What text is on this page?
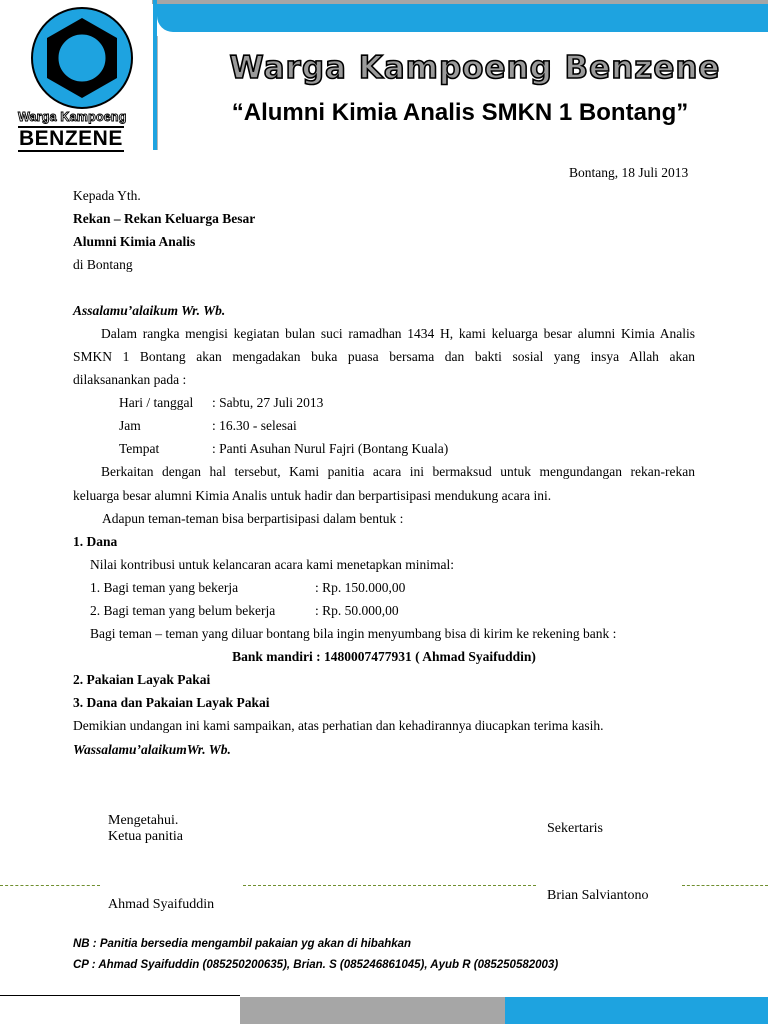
Warga Kampoeng
BENZENE
Warga Kampoeng Benzene
“Alumni Kimia Analis SMKN 1 Bontang”
Bontang, 18 Juli 2013
Kepada Yth.
Rekan – Rekan Keluarga Besar
Alumni Kimia Analis
di Bontang
Assalamu’alaikum Wr. Wb.
Dalam rangka mengisi kegiatan bulan suci ramadhan 1434 H, kami keluarga besar alumni Kimia Analis
SMKN 1 Bontang akan mengadakan buka puasa bersama dan bakti sosial yang insya Allah akan
dilaksanankan pada :
Hari / tanggal : Sabtu, 27 Juli 2013
Jam	: 16.30 - selesai
Tempat	: Panti Asuhan Nurul Fajri (Bontang Kuala)
Berkaitan dengan hal tersebut, Kami panitia acara ini bermaksud untuk mengundangan rekan-rekan
keluarga besar alumni Kimia Analis untuk hadir dan berpartisipasi mendukung acara ini.
Adapun teman-teman bisa berpartisipasi dalam bentuk :
1. Dana
Nilai kontribusi untuk kelancaran acara kami menetapkan minimal:
1. Bagi teman yang bekerja	: Rp. 150.000,00
2. Bagi teman yang belum bekerja	: Rp. 50.000,00
Bagi teman – teman yang diluar bontang bila ingin menyumbang bisa di kirim ke rekening bank :
Bank mandiri : 1480007477931 ( Ahmad Syaifuddin)
2. Pakaian Layak Pakai
3. Dana dan Pakaian Layak Pakai
Demikian undangan ini kami sampaikan, atas perhatian dan kehadirannya diucapkan terima kasih.
Wassalamu’alaikumWr. Wb.
Mengetahui.
Ketua panitia
Sekertaris
Brian Salviantono
Ahmad Syaifuddin
NB : Panitia bersedia mengambil pakaian yg akan di hibahkan
CP : Ahmad Syaifuddin (085250200635), Brian. S (085246861045), Ayub R (085250582003)
